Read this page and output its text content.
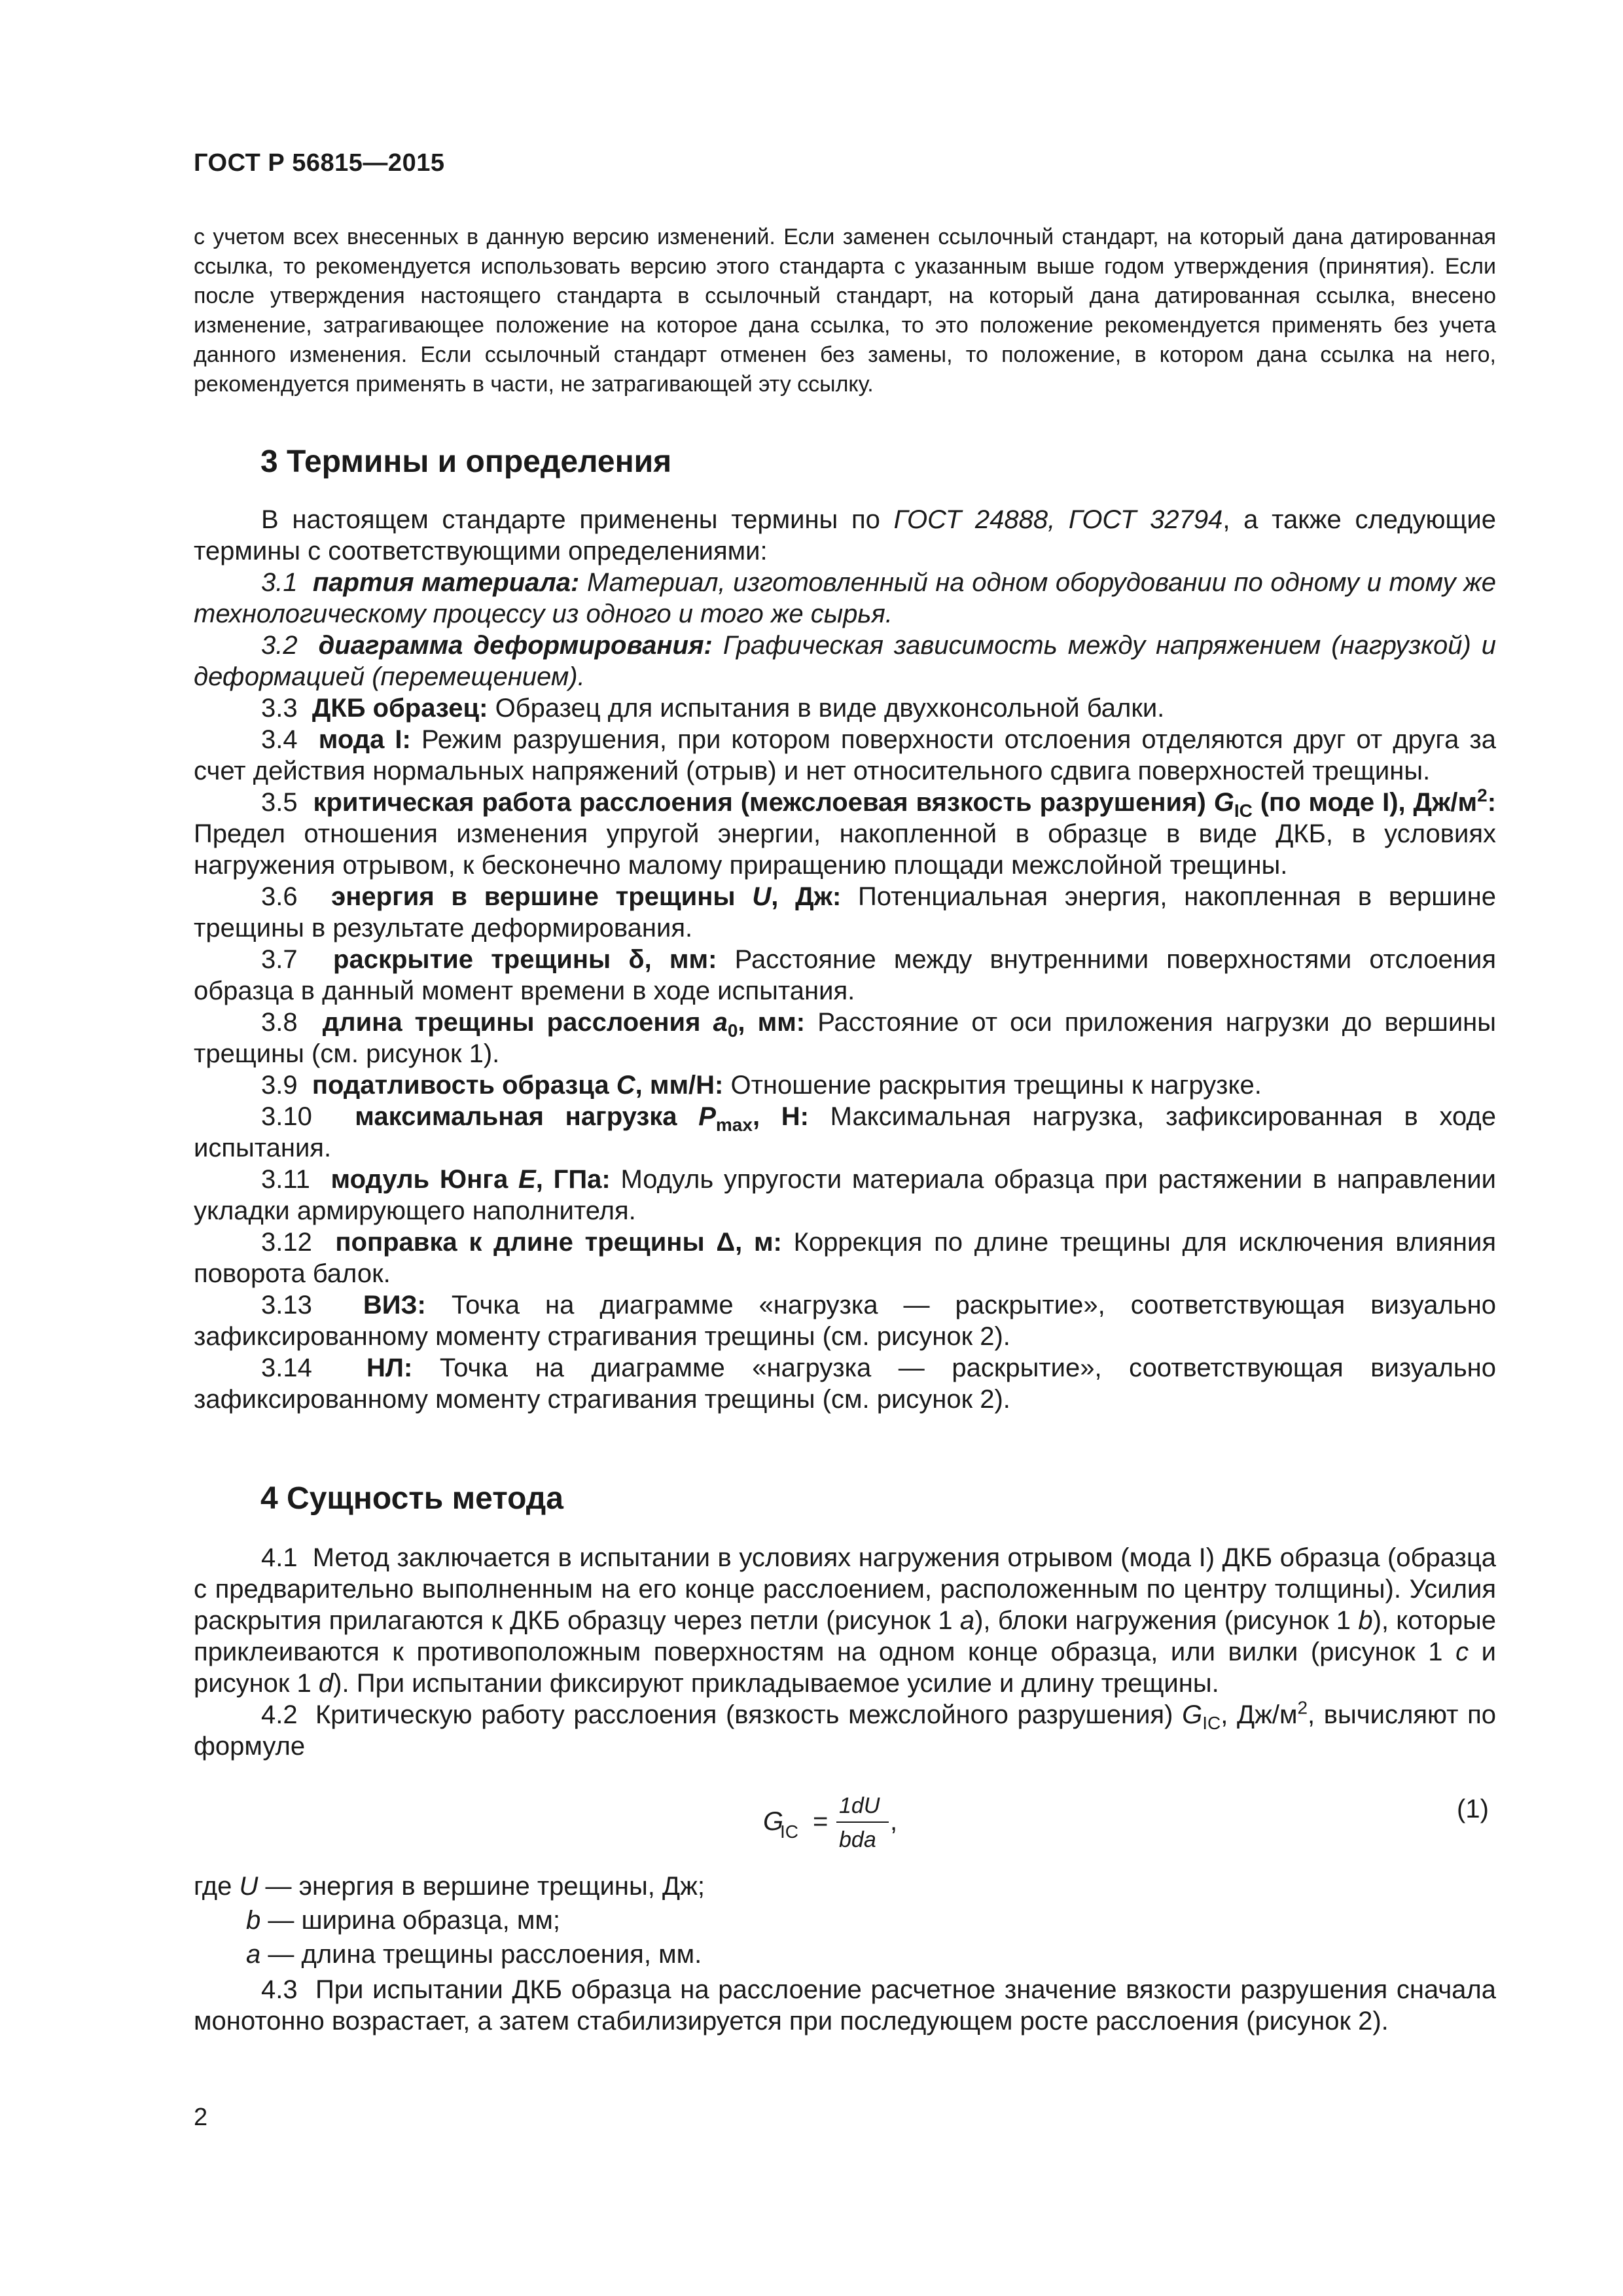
ГОСТ Р 56815—2015
с учетом всех внесенных в данную версию изменений. Если заменен ссылочный стандарт, на который дана датированная ссылка, то рекомендуется использовать версию этого стандарта с указанным выше годом утверждения (принятия). Если после утверждения настоящего стандарта в ссылочный стандарт, на который дана датированная ссылка, внесено изменение, затрагивающее положение на которое дана ссылка, то это положение рекомендуется применять без учета данного изменения. Если ссылочный стандарт отменен без замены, то положение, в котором дана ссылка на него, рекомендуется применять в части, не затрагивающей эту ссылку.
3 Термины и определения

В настоящем стандарте применены термины по ГОСТ 24888, ГОСТ 32794, а также следующие термины с соответствующими определениями:

3.1 партия материала: Материал, изготовленный на одном оборудовании по одному и тому же технологическому процессу из одного и того же сырья.

3.2 диаграмма деформирования: Графическая зависимость между напряжением (нагрузкой) и деформацией (перемещением).

3.3 ДКБ образец: Образец для испытания в виде двухконсольной балки.

3.4 мода I: Режим разрушения, при котором поверхности отслоения отделяются друг от друга за счет действия нормальных напряжений (отрыв) и нет относительного сдвига поверхностей трещины.

3.5 критическая работа расслоения (межслоевая вязкость разрушения) $G_{IC}$ (по моде I), $Дж/м^2$: Предел отношения изменения упругой энергии, накопленной в образце в виде ДКБ, в условиях нагружения отрывом, к бесконечно малому приращению площади межслойной трещины.

3.6 энергия в вершине трещины U, Дж: Потенциальная энергия, накопленная в вершине трещины в результате деформирования.

3.7 раскрытие трещины δ, мм: Расстояние между внутренними поверхностями отслоения образца в данный момент времени в ходе испытания.

3.8 длина трещины расслоения $a_0$, мм: Расстояние от оси приложения нагрузки до вершины трещины (см. рисунок 1).

3.9 податливость образца C, мм/Н: Отношение раскрытия трещины к нагрузке.

3.10 максимальная нагрузка $P_{max}$, Н: Максимальная нагрузка, зафиксированная в ходе испытания.

3.11 модуль Юнга E, ГПа: Модуль упругости материала образца при растяжении в направлении укладки армирующего наполнителя.

3.12 поправка к длине трещины Δ, м: Коррекция по длине трещины для исключения влияния поворота балок.

3.13 ВИЗ: Точка на диаграмме «нагрузка — раскрытие», соответствующая визуально зафиксированному моменту страгивания трещины (см. рисунок 2).

3.14 НЛ: Точка на диаграмме «нагрузка — раскрытие», соответствующая визуально зафиксированному моменту страгивания трещины (см. рисунок 2).

4 Сущность метода

4.1 Метод заключается в испытании в условиях нагружения отрывом (мода I) ДКБ образца (образца с предварительно выполненным на его конце расслоением, расположенным по центру толщины). Усилия раскрытия прилагаются к ДКБ образцу через петли (рисунок 1 a), блоки нагружения (рисунок 1 b), которые приклеиваются к противоположным поверхностям на одном конце образца, или вилки (рисунок 1 c и рисунок 1 d). При испытании фиксируют прикладываемое усилие и длину трещины.

4.2 Критическую работу расслоения (вязкость межслойного разрушения) $G_{IC}$, $Дж/м^2$, вычисляют по формуле

G
IC =
1dU
bda
,	(1)
где U — энергия в вершине трещины, Дж;
b — ширина образца, мм;
a — длина трещины расслоения, мм.

4.3 При испытании ДКБ образца на расслоение расчетное значение вязкости разрушения сначала монотонно возрастает, а затем стабилизируется при последующем росте расслоения (рисунок 2).

2
